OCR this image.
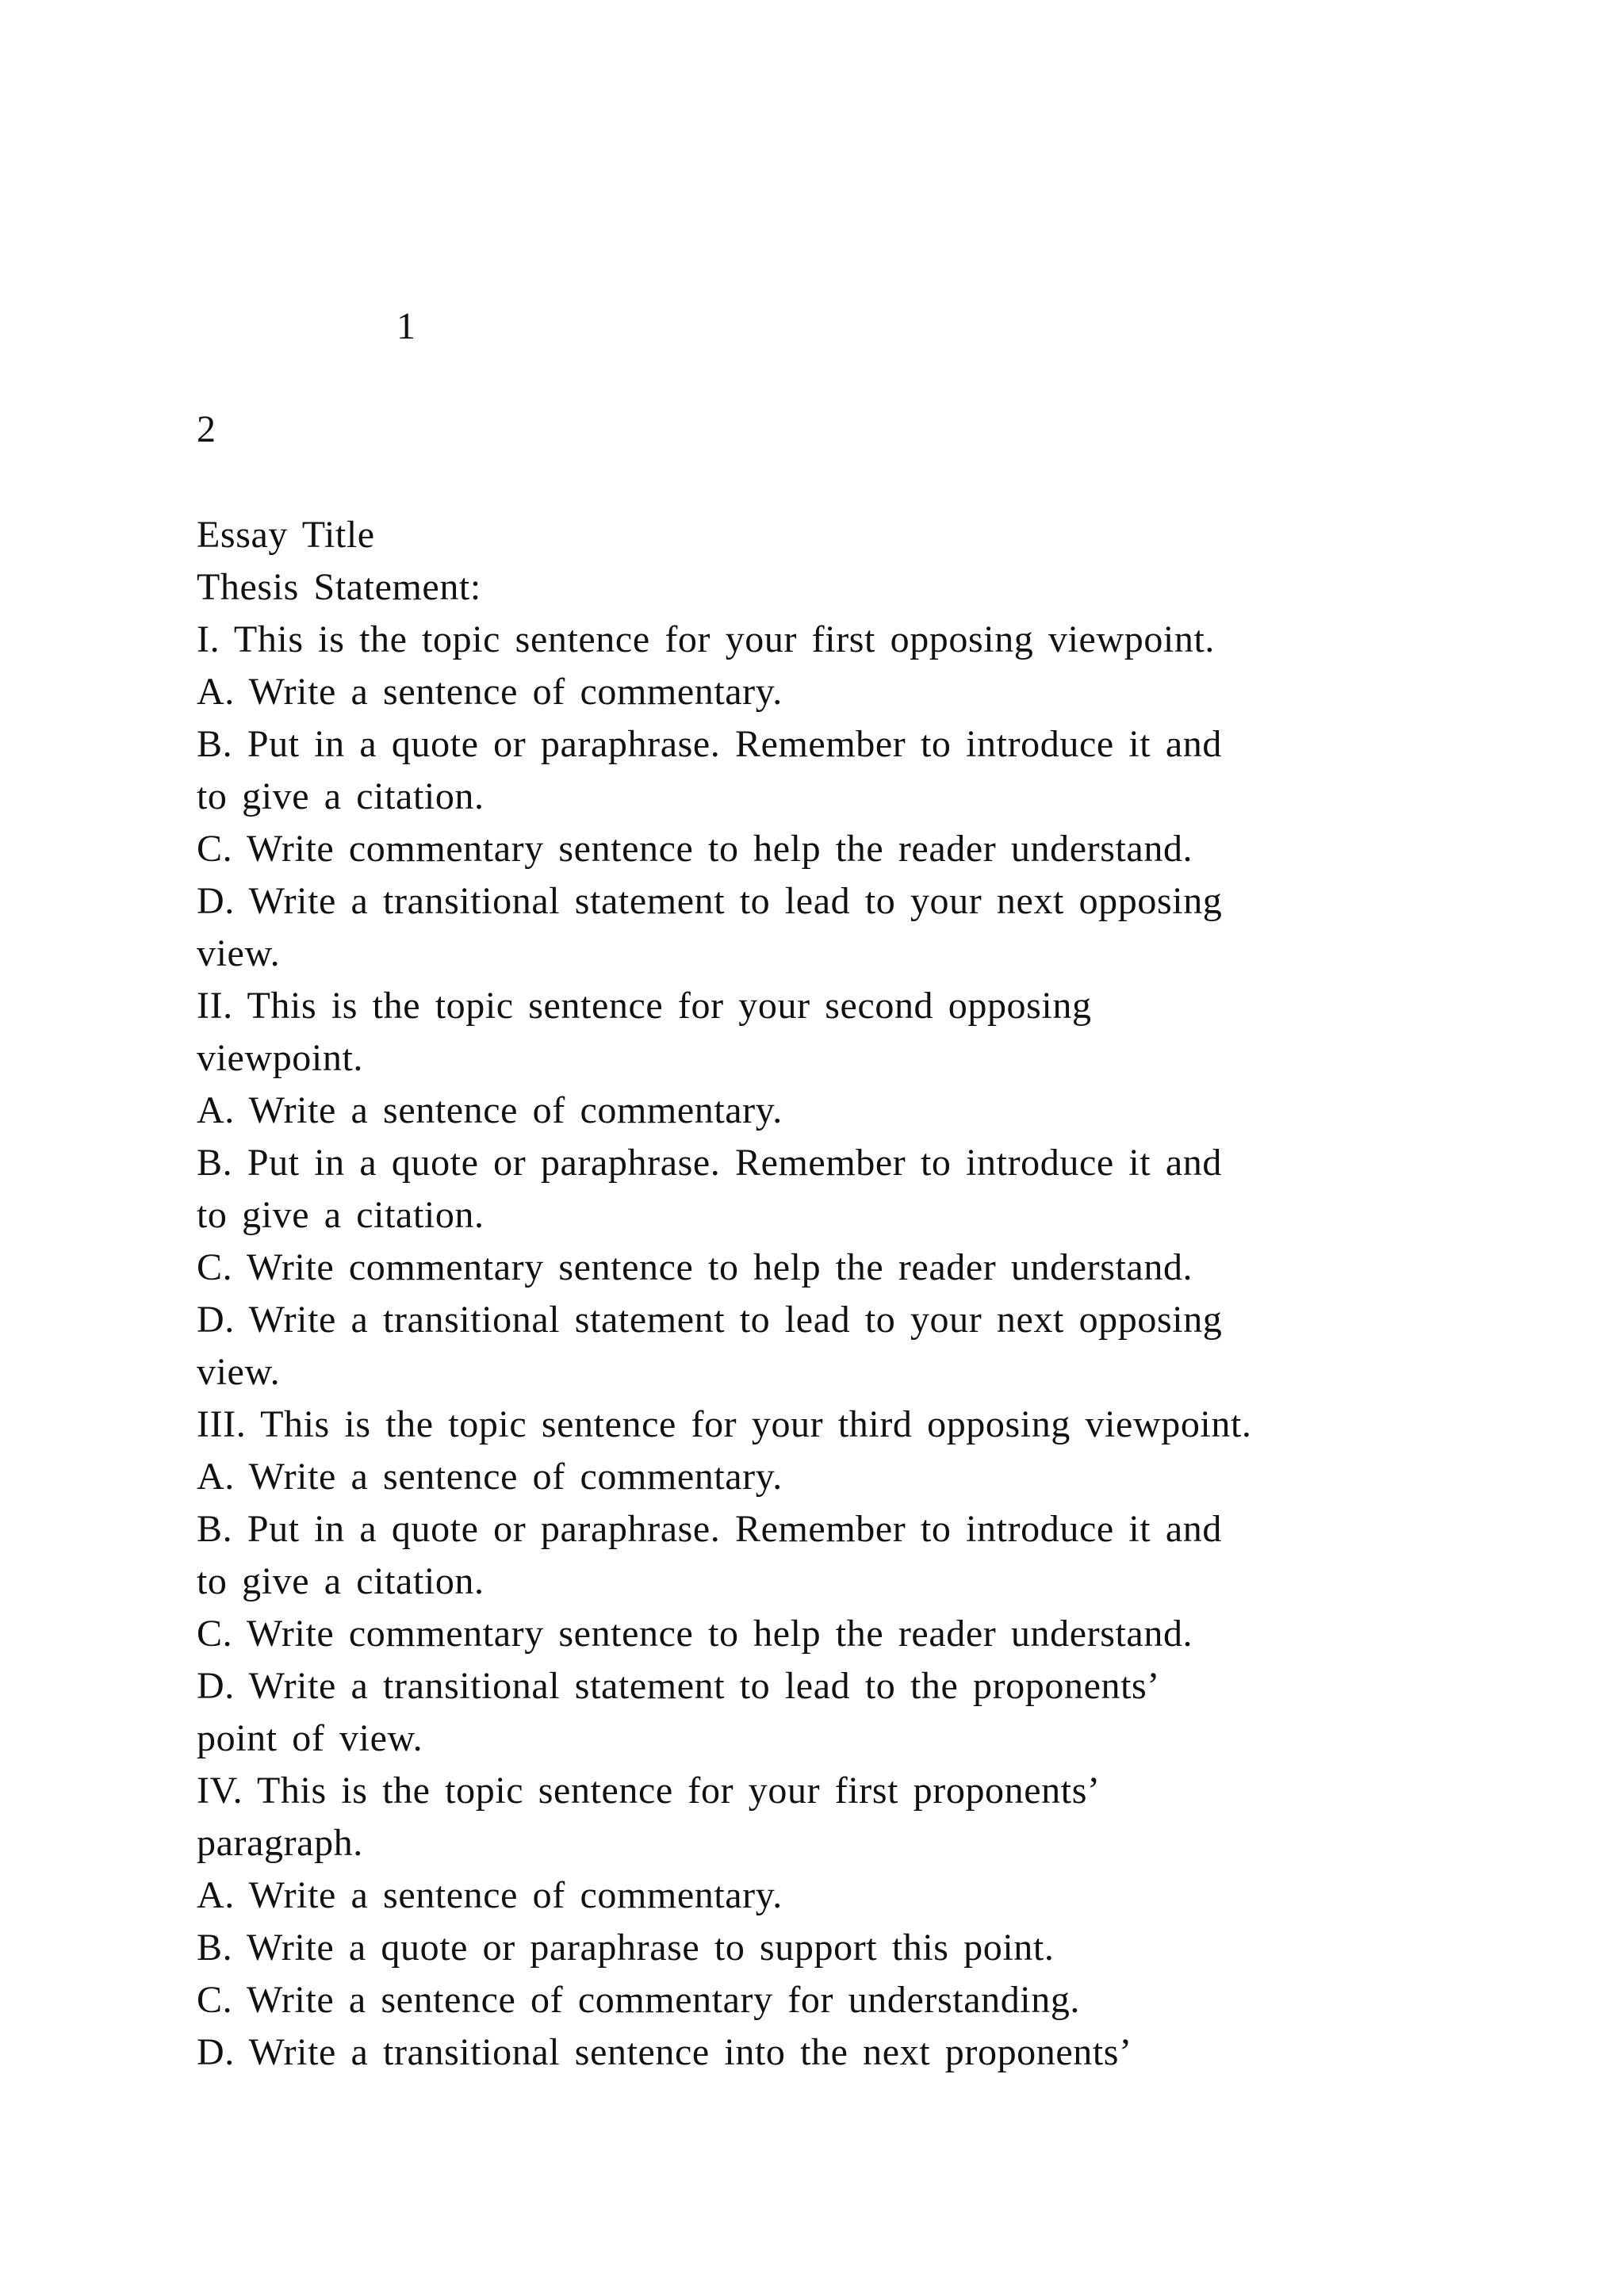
1
2
Essay Title
Thesis Statement:
I. This is the topic sentence for your first opposing viewpoint.
A. Write a sentence of commentary.
B. Put in a quote or paraphrase. Remember to introduce it and
to give a citation.
C. Write commentary sentence to help the reader understand.
D. Write a transitional statement to lead to your next opposing
view.
II. This is the topic sentence for your second opposing
viewpoint.
A. Write a sentence of commentary.
B. Put in a quote or paraphrase. Remember to introduce it and
to give a citation.
C. Write commentary sentence to help the reader understand.
D. Write a transitional statement to lead to your next opposing
view.
III. This is the topic sentence for your third opposing viewpoint.
A. Write a sentence of commentary.
B. Put in a quote or paraphrase. Remember to introduce it and
to give a citation.
C. Write commentary sentence to help the reader understand.
D. Write a transitional statement to lead to the proponents’
point of view.
IV. This is the topic sentence for your first proponents’
paragraph.
A. Write a sentence of commentary.
B. Write a quote or paraphrase to support this point.
C. Write a sentence of commentary for understanding.
D. Write a transitional sentence into the next proponents’
